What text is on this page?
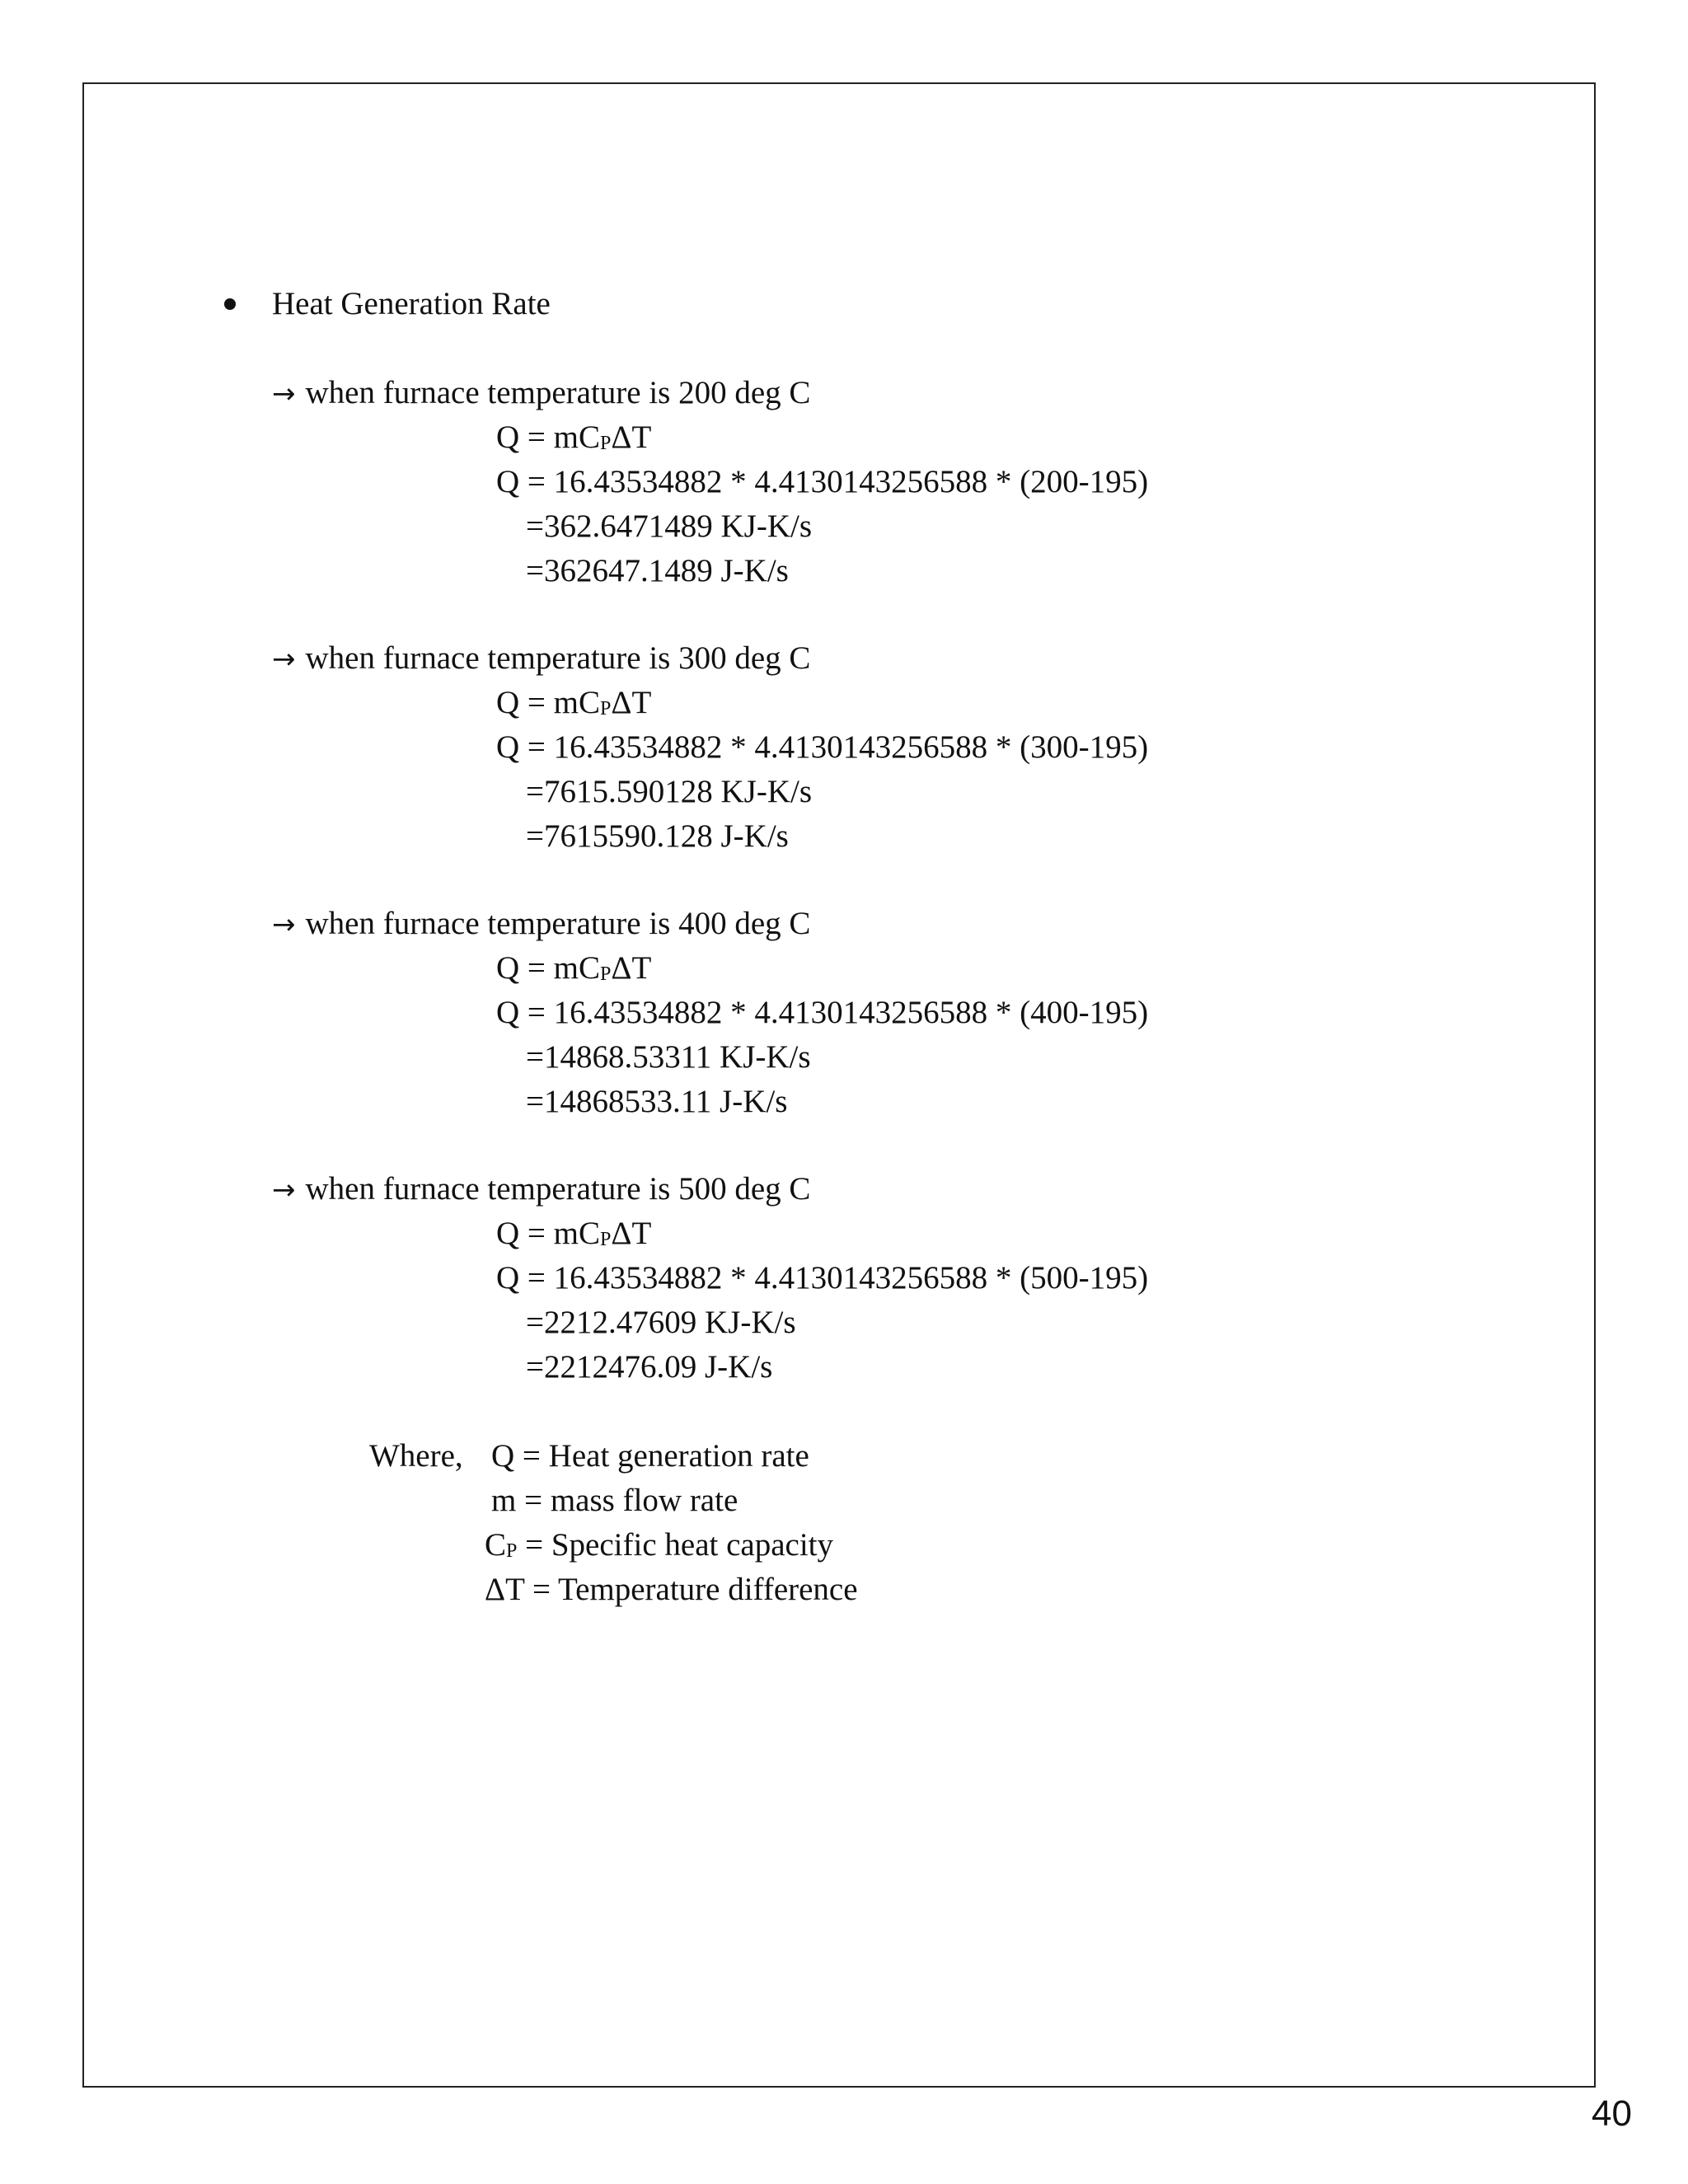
Heat Generation Rate
→ when furnace temperature is 200 deg C
Q = mCPΔT
Q = 16.43534882 * 4.4130143256588 * (200-195)
=362.6471489 KJ-K/s
=362647.1489 J-K/s
→ when furnace temperature is 300 deg C
Q = mCPΔT
Q = 16.43534882 * 4.4130143256588 * (300-195)
=7615.590128 KJ-K/s
=7615590.128 J-K/s
→ when furnace temperature is 400 deg C
Q = mCPΔT
Q = 16.43534882 * 4.4130143256588 * (400-195)
=14868.53311 KJ-K/s
=14868533.11 J-K/s
→ when furnace temperature is 500 deg C
Q = mCPΔT
Q = 16.43534882 * 4.4130143256588 * (500-195)
=2212.47609 KJ-K/s
=2212476.09 J-K/s
Where, Q = Heat generation rate
m = mass flow rate
CP = Specific heat capacity
ΔT = Temperature difference
40
